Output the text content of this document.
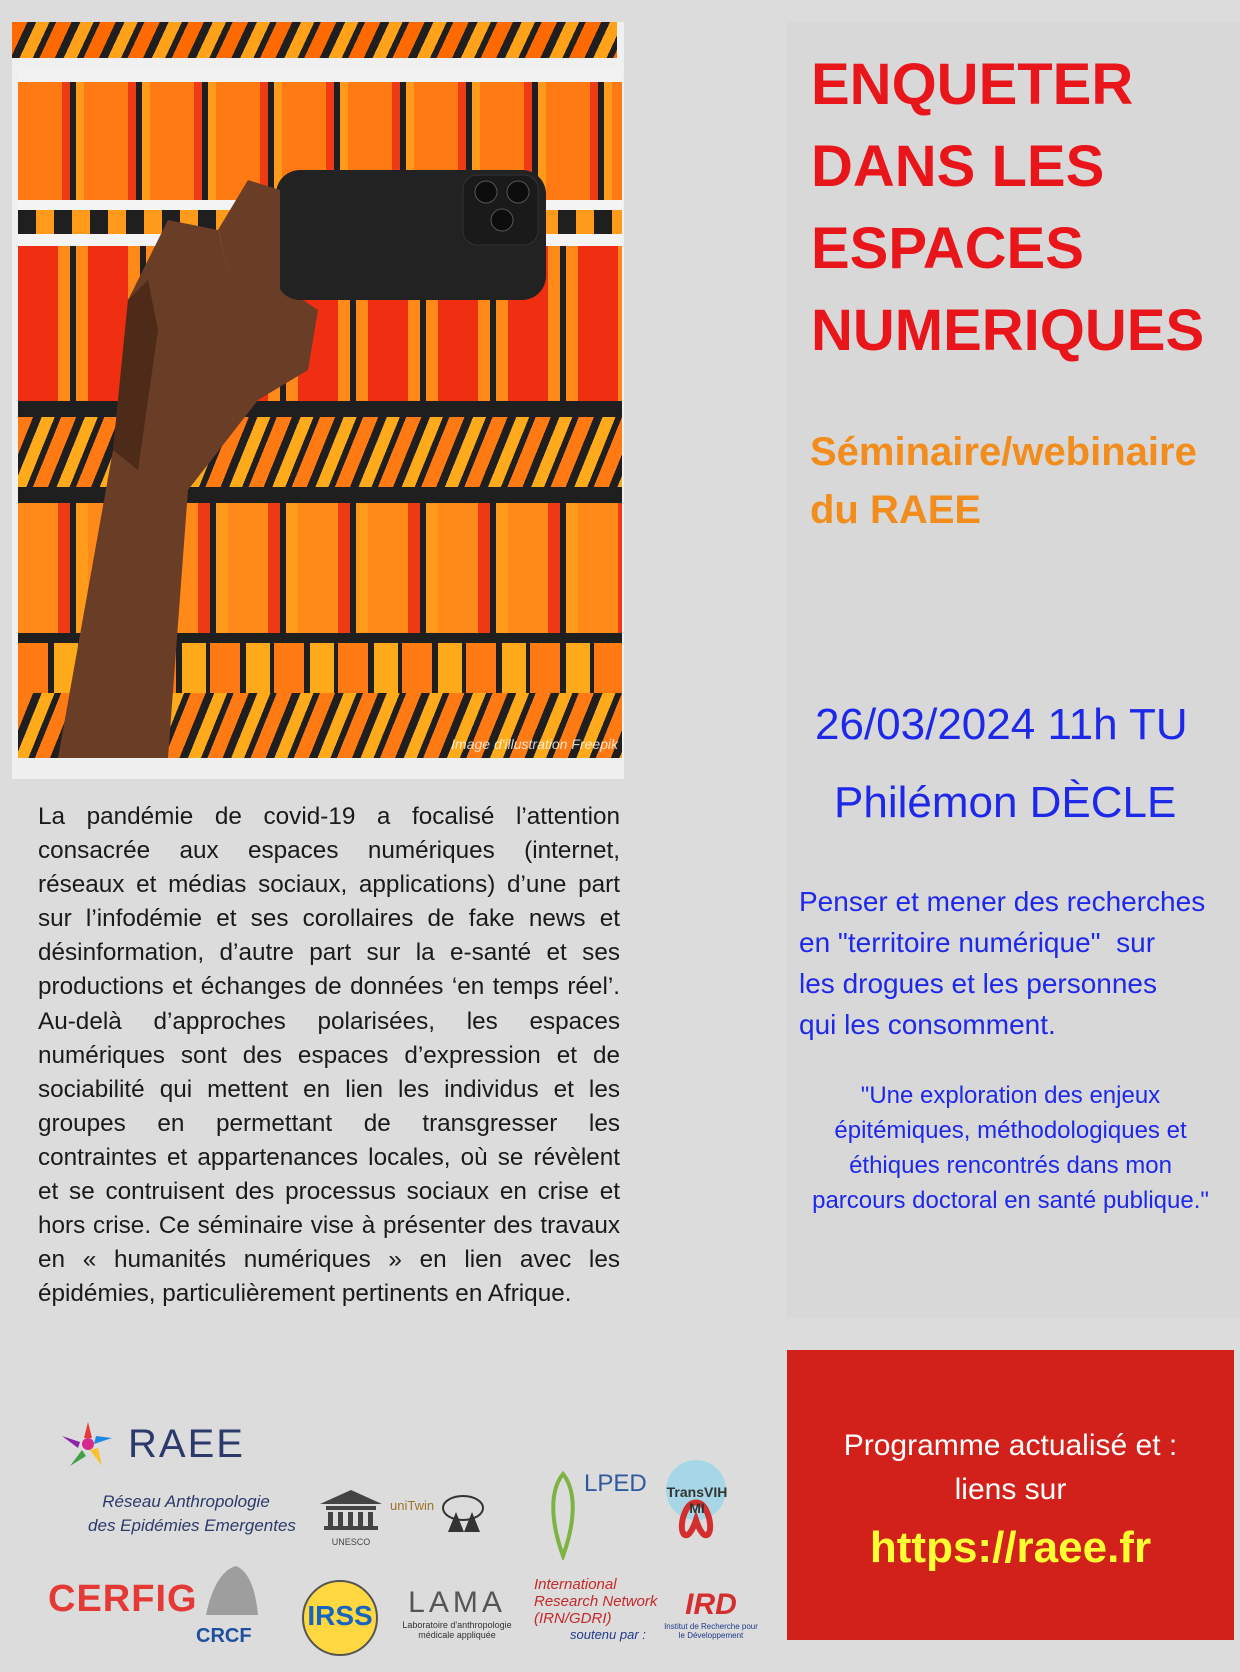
Image d'illustration Freepik
ENQUETER
DANS LES
ESPACES
NUMERIQUES
Séminaire/webinaire
du RAEE
26/03/2024 11h TU
Philémon DÈCLE
Penser et mener des recherches
en "territoire numérique"  sur
les drogues et les personnes
qui les consomment.
"Une exploration des enjeux
épitémiques, méthodologiques et
éthiques rencontrés dans mon
parcours doctoral en santé publique."
La pandémie de covid-19 a focalisé l’attention consacrée aux espaces numériques (internet, réseaux et médias sociaux, applications) d’une part sur l’infodémie et ses corollaires de fake news et désinformation, d’autre part sur la e-santé et ses productions et échanges de données ‘en temps réel’. Au-delà d’approches polarisées, les espaces numériques sont des espaces d’expression et de sociabilité qui mettent en lien les individus et les groupes en permettant de transgresser les contraintes et appartenances locales, où se révèlent et se contruisent des processus sociaux en crise et hors crise. Ce séminaire vise à présenter des travaux en « humanités numériques » en lien avec les épidémies, particulièrement pertinents en Afrique.
Programme actualisé et :
liens sur
https://raee.fr
RAEE
Réseau Anthropologie
des Epidémies Emergentes
UNESCO
uniTwin
LPED	TransVIH MI
CERFIG
CRCF
IRSS	LAMA
Laboratoire d'anthropologie médicale appliquée
International
Research Network
(IRN/GDRI)
soutenu par :
IRD
Institut de Recherche pour le Développement
